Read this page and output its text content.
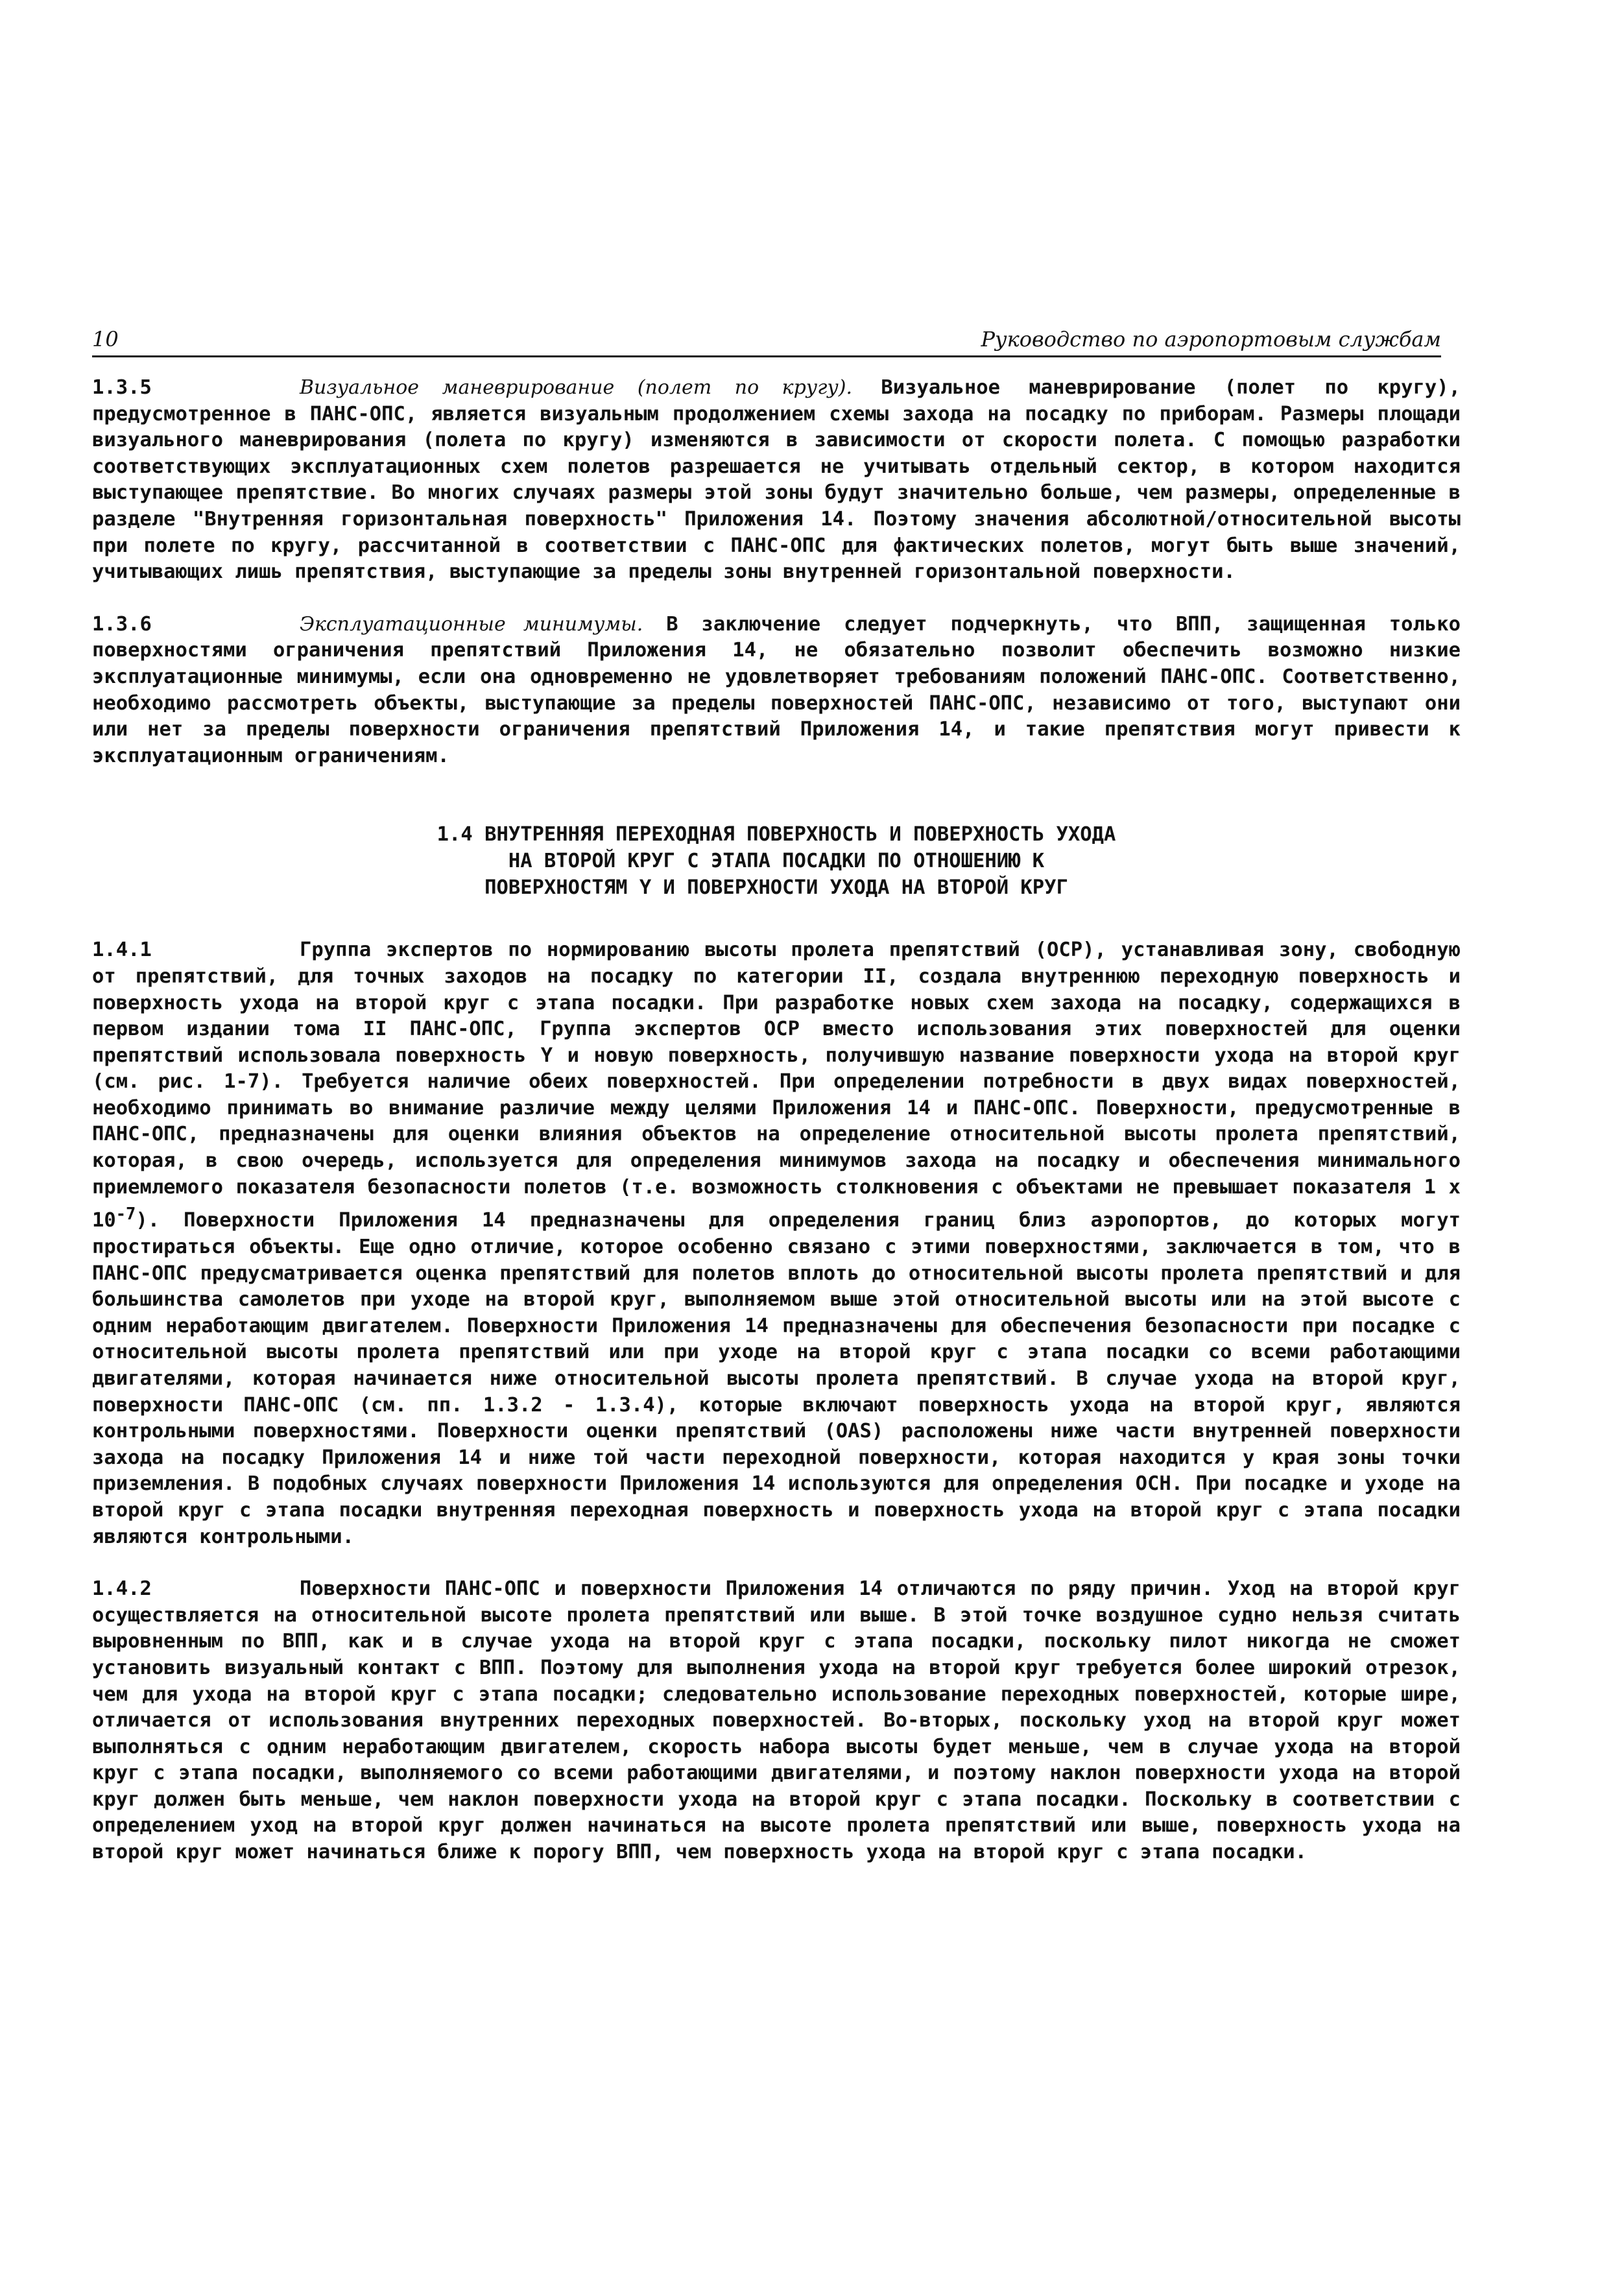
10	Руководство по аэропортовым службам

1.3.5	Визуальное маневрирование (полет по кругу). Визуальное маневрирование (полет по кругу), предусмотренное в ПАНС-ОПС, является визуальным продолжением схемы захода на посадку по приборам. Размеры площади визуального маневрирования (полета по кругу) изменяются в зависимости от скорости полета. С помощью разработки соответствующих эксплуатационных схем полетов разрешается не учитывать отдельный сектор, в котором находится выступающее препятствие. Во многих случаях размеры этой зоны будут значительно больше, чем размеры, определенные в разделе "Внутренняя горизонтальная поверхность" Приложения 14. Поэтому значения абсолютной/относительной высоты при полете по кругу, рассчитанной в соответствии с ПАНС-ОПС для фактических полетов, могут быть выше значений, учитывающих лишь препятствия, выступающие за пределы зоны внутренней горизонтальной поверхности.

1.3.6	Эксплуатационные минимумы. В заключение следует подчеркнуть, что ВПП, защищенная только поверхностями ограничения препятствий Приложения 14, не обязательно позволит обеспечить возможно низкие эксплуатационные минимумы, если она одновременно не удовлетворяет требованиям положений ПАНС-ОПС. Соответственно, необходимо рассмотреть объекты, выступающие за пределы поверхностей ПАНС-ОПС, независимо от того, выступают они или нет за пределы поверхности ограничения препятствий Приложения 14, и такие препятствия могут привести к эксплуатационным ограничениям.

1.4 ВНУТРЕННЯЯ ПЕРЕХОДНАЯ ПОВЕРХНОСТЬ И ПОВЕРХНОСТЬ УХОДА
НА ВТОРОЙ КРУГ С ЭТАПА ПОСАДКИ ПО ОТНОШЕНИЮ К
ПОВЕРХНОСТЯМ Y И ПОВЕРХНОСТИ УХОДА НА ВТОРОЙ КРУГ

1.4.1	Группа экспертов по нормированию высоты пролета препятствий (OCP), устанавливая зону, свободную от препятствий, для точных заходов на посадку по категории II, создала внутреннюю переходную поверхность и поверхность ухода на второй круг с этапа посадки. При разработке новых схем захода на посадку, содержащихся в первом издании тома II ПАНС-ОПС, Группа экспертов OCP вместо использования этих поверхностей для оценки препятствий использовала поверхность Y и новую поверхность, получившую название поверхности ухода на второй круг (см. рис. 1-7). Требуется наличие обеих поверхностей. При определении потребности в двух видах поверхностей, необходимо принимать во внимание различие между целями Приложения 14 и ПАНС-ОПС. Поверхности, предусмотренные в ПАНС-ОПС, предназначены для оценки влияния объектов на определение относительной высоты пролета препятствий, которая, в свою очередь, используется для определения минимумов захода на посадку и обеспечения минимального приемлемого показателя безопасности полетов (т.е. возможность столкновения с объектами не превышает показателя 1 x $10^{-7}$). Поверхности Приложения 14 предназначены для определения границ близ аэропортов, до которых могут простираться объекты. Еще одно отличие, которое особенно связано с этими поверхностями, заключается в том, что в ПАНС-ОПС предусматривается оценка препятствий для полетов вплоть до относительной высоты пролета препятствий и для большинства самолетов при уходе на второй круг, выполняемом выше этой относительной высоты или на этой высоте с одним неработающим двигателем. Поверхности Приложения 14 предназначены для обеспечения безопасности при посадке с относительной высоты пролета препятствий или при уходе на второй круг с этапа посадки со всеми работающими двигателями, которая начинается ниже относительной высоты пролета препятствий. В случае ухода на второй круг, поверхности ПАНС-ОПС (см. пп. 1.3.2 - 1.3.4), которые включают поверхность ухода на второй круг, являются контрольными поверхностями. Поверхности оценки препятствий (OAS) расположены ниже части внутренней поверхности захода на посадку Приложения 14 и ниже той части переходной поверхности, которая находится у края зоны точки приземления. В подобных случаях поверхности Приложения 14 используются для определения ОСН. При посадке и уходе на второй круг с этапа посадки внутренняя переходная поверхность и поверхность ухода на второй круг с этапа посадки являются контрольными.

1.4.2	Поверхности ПАНС-ОПС и поверхности Приложения 14 отличаются по ряду причин. Уход на второй круг осуществляется на относительной высоте пролета препятствий или выше. В этой точке воздушное судно нельзя считать выровненным по ВПП, как и в случае ухода на второй круг с этапа посадки, поскольку пилот никогда не сможет установить визуальный контакт с ВПП. Поэтому для выполнения ухода на второй круг требуется более широкий отрезок, чем для ухода на второй круг с этапа посадки; следовательно использование переходных поверхностей, которые шире, отличается от использования внутренних переходных поверхностей. Во-вторых, поскольку уход на второй круг может выполняться с одним неработающим двигателем, скорость набора высоты будет меньше, чем в случае ухода на второй круг с этапа посадки, выполняемого со всеми работающими двигателями, и поэтому наклон поверхности ухода на второй круг должен быть меньше, чем наклон поверхности ухода на второй круг с этапа посадки. Поскольку в соответствии с определением уход на второй круг должен начинаться на высоте пролета препятствий или выше, поверхность ухода на второй круг может начинаться ближе к порогу ВПП, чем поверхность ухода на второй круг с этапа посадки.
